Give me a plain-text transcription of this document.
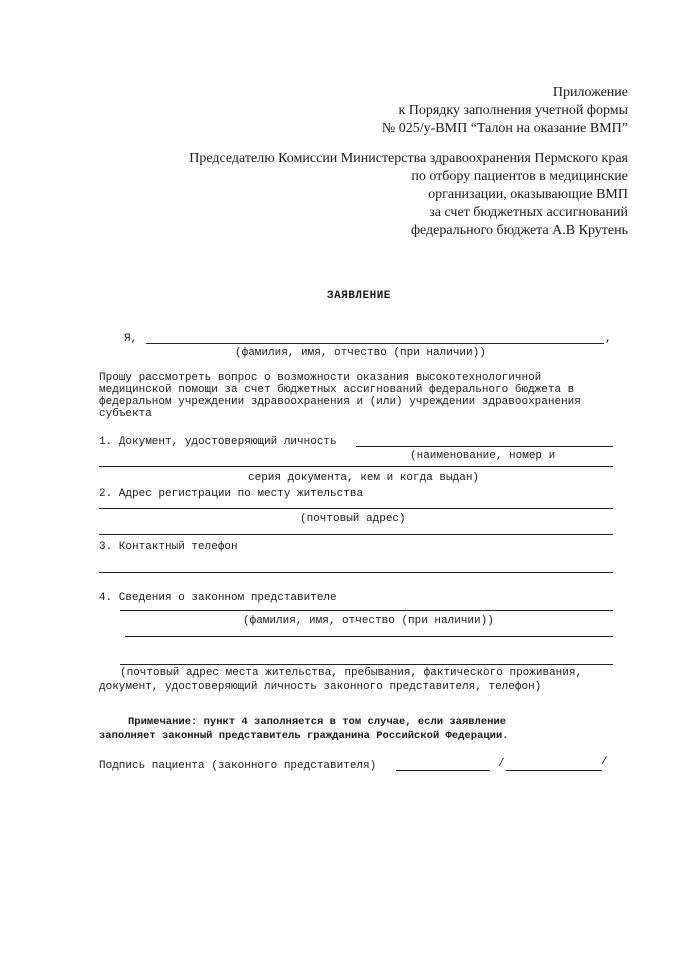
Приложение
к Порядку заполнения учетной формы
№ 025/у-ВМП “Талон на оказание ВМП”
Председателю Комиссии Министерства здравоохранения Пермского края
по отбору пациентов в медицинские
организации, оказывающие ВМП
за счет бюджетных ассигнований
федерального бюджета А.В Крутень
ЗАЯВЛЕНИЕ
Я,	,
(фамилия, имя, отчество (при наличии))
Прошу рассмотреть вопрос о возможности оказания высокотехнологичной
медицинской помощи за счет бюджетных ассигнований федерального бюджета в
федеральном учреждении здравоохранения и (или) учреждении здравоохранения
субъекта
1. Документ, удостоверяющий личность
(наименование, номер и
серия документа, кем и когда выдан)
2. Адрес регистрации по месту жительства
(почтовый адрес)
3. Контактный телефон
4. Сведения о законном представителе
(фамилия, имя, отчество (при наличии))
(почтовый адрес места жительства, пребывания, фактического проживания,
документ, удостоверяющий личность законного представителя, телефон)
Примечание: пункт 4 заполняется в том случае, если заявление
заполняет законный представитель гражданина Российской Федерации.
Подпись пациента (законного представителя)	/	/
